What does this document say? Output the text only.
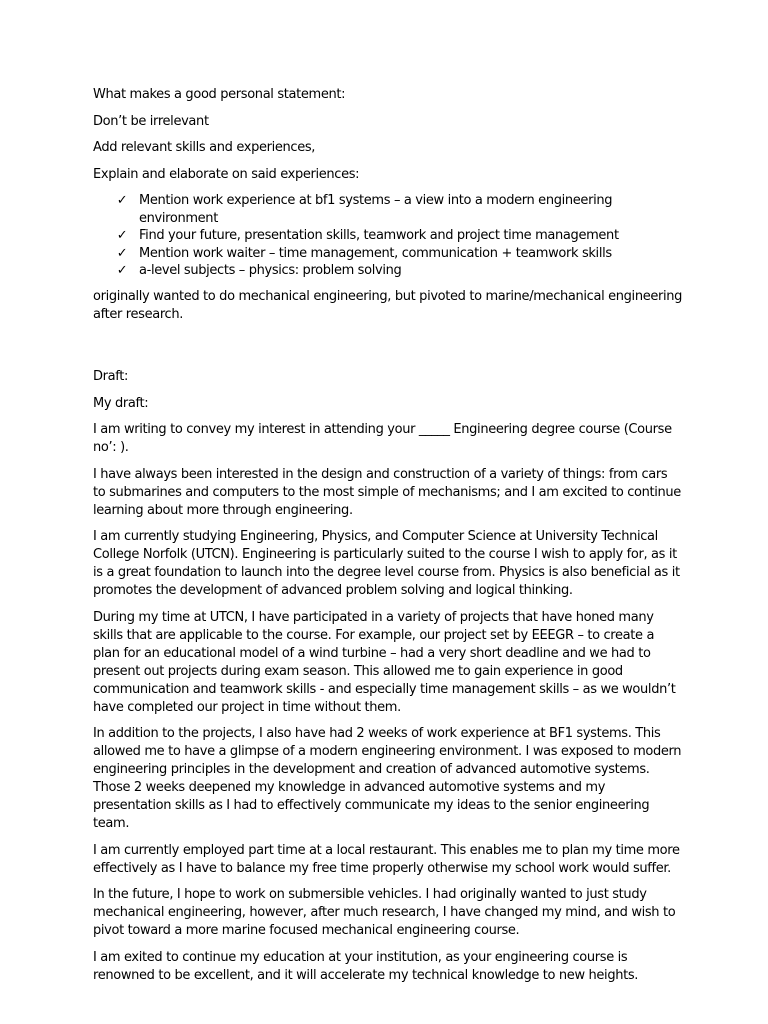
What makes a good personal statement:

Don’t be irrelevant

Add relevant skills and experiences,

Explain and elaborate on said experiences:

✓ Mention work experience at bf1 systems – a view into a modern engineering environment
✓ Find your future, presentation skills, teamwork and project time management
✓ Mention work waiter – time management, communication + teamwork skills
✓ a-level subjects – physics: problem solving

originally wanted to do mechanical engineering, but pivoted to marine/mechanical engineering after research.

Draft:

My draft:

I am writing to convey my interest in attending your _____ Engineering degree course (Course no’: ).

I have always been interested in the design and construction of a variety of things: from cars to submarines and computers to the most simple of mechanisms; and I am excited to continue learning about more through engineering.

I am currently studying Engineering, Physics, and Computer Science at University Technical College Norfolk (UTCN). Engineering is particularly suited to the course I wish to apply for, as it is a great foundation to launch into the degree level course from. Physics is also beneficial as it promotes the development of advanced problem solving and logical thinking.

During my time at UTCN, I have participated in a variety of projects that have honed many skills that are applicable to the course. For example, our project set by EEEGR – to create a plan for an educational model of a wind turbine – had a very short deadline and we had to present out projects during exam season. This allowed me to gain experience in good communication and teamwork skills - and especially time management skills – as we wouldn’t have completed our project in time without them.

In addition to the projects, I also have had 2 weeks of work experience at BF1 systems. This allowed me to have a glimpse of a modern engineering environment. I was exposed to modern engineering principles in the development and creation of advanced automotive systems. Those 2 weeks deepened my knowledge in advanced automotive systems and my presentation skills as I had to effectively communicate my ideas to the senior engineering team.

I am currently employed part time at a local restaurant. This enables me to plan my time more effectively as I have to balance my free time properly otherwise my school work would suffer.

In the future, I hope to work on submersible vehicles. I had originally wanted to just study mechanical engineering, however, after much research, I have changed my mind, and wish to pivot toward a more marine focused mechanical engineering course.

I am exited to continue my education at your institution, as your engineering course is renowned to be excellent, and it will accelerate my technical knowledge to new heights.
